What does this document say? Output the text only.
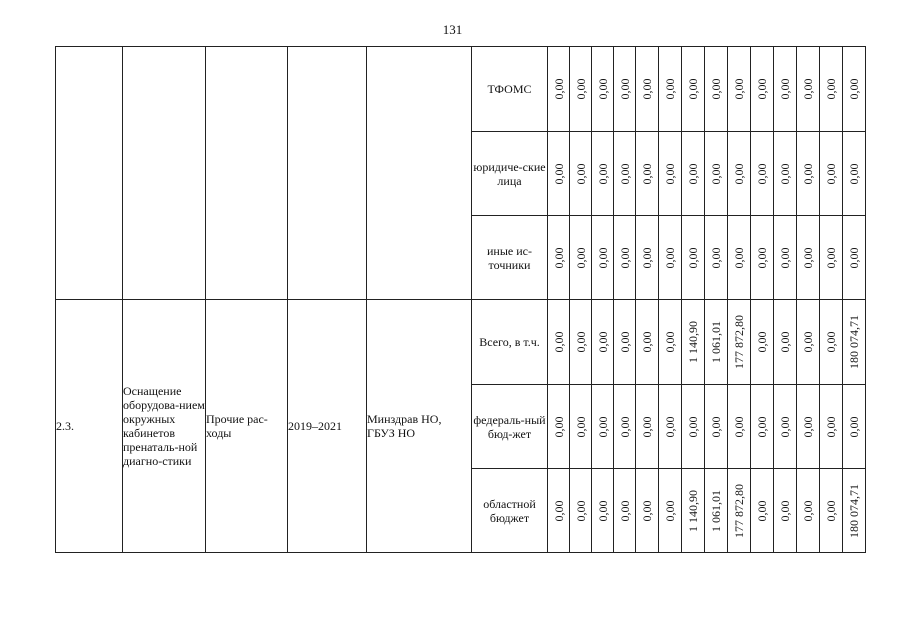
131
					ТФОМС	0,00	0,00	0,00	0,00	0,00	0,00	0,00	0,00	0,00	0,00	0,00	0,00	0,00	0,00

					юридиче-ские лица	0,00	0,00	0,00	0,00	0,00	0,00	0,00	0,00	0,00	0,00	0,00	0,00	0,00	0,00

					иные ис-точники	0,00	0,00	0,00	0,00	0,00	0,00	0,00	0,00	0,00	0,00	0,00	0,00	0,00	0,00

2.3.	Оснащение оборудова-нием окружных кабинетов пренаталь-ной диагно-стики	Прочие рас-ходы	2019–2021	Минздрав НО, ГБУЗ НО	Всего, в т.ч.	0,00	0,00	0,00	0,00	0,00	0,00	1 140,90	1 061,01	177 872,80	0,00	0,00	0,00	0,00	180 074,71

					федераль-ный бюд-жет	0,00	0,00	0,00	0,00	0,00	0,00	0,00	0,00	0,00	0,00	0,00	0,00	0,00	0,00

					областной бюджет	0,00	0,00	0,00	0,00	0,00	0,00	1 140,90	1 061,01	177 872,80	0,00	0,00	0,00	0,00	180 074,71
